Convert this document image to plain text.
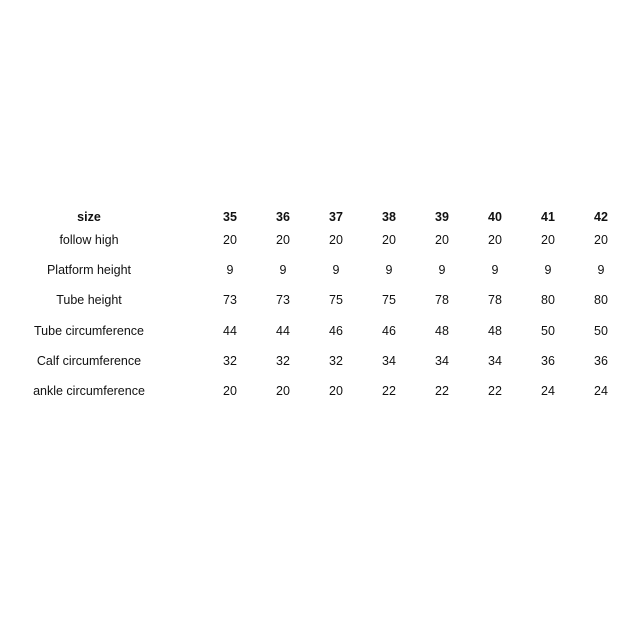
size	35	36	37	38	39	40	41	42
follow high	20	20	20	20	20	20	20	20
Platform height	9	9	9	9	9	9	9	9
Tube height	73	73	75	75	78	78	80	80
Tube circumference	44	44	46	46	48	48	50	50
Calf circumference	32	32	32	34	34	34	36	36
ankle circumference	20	20	20	22	22	22	24	24
